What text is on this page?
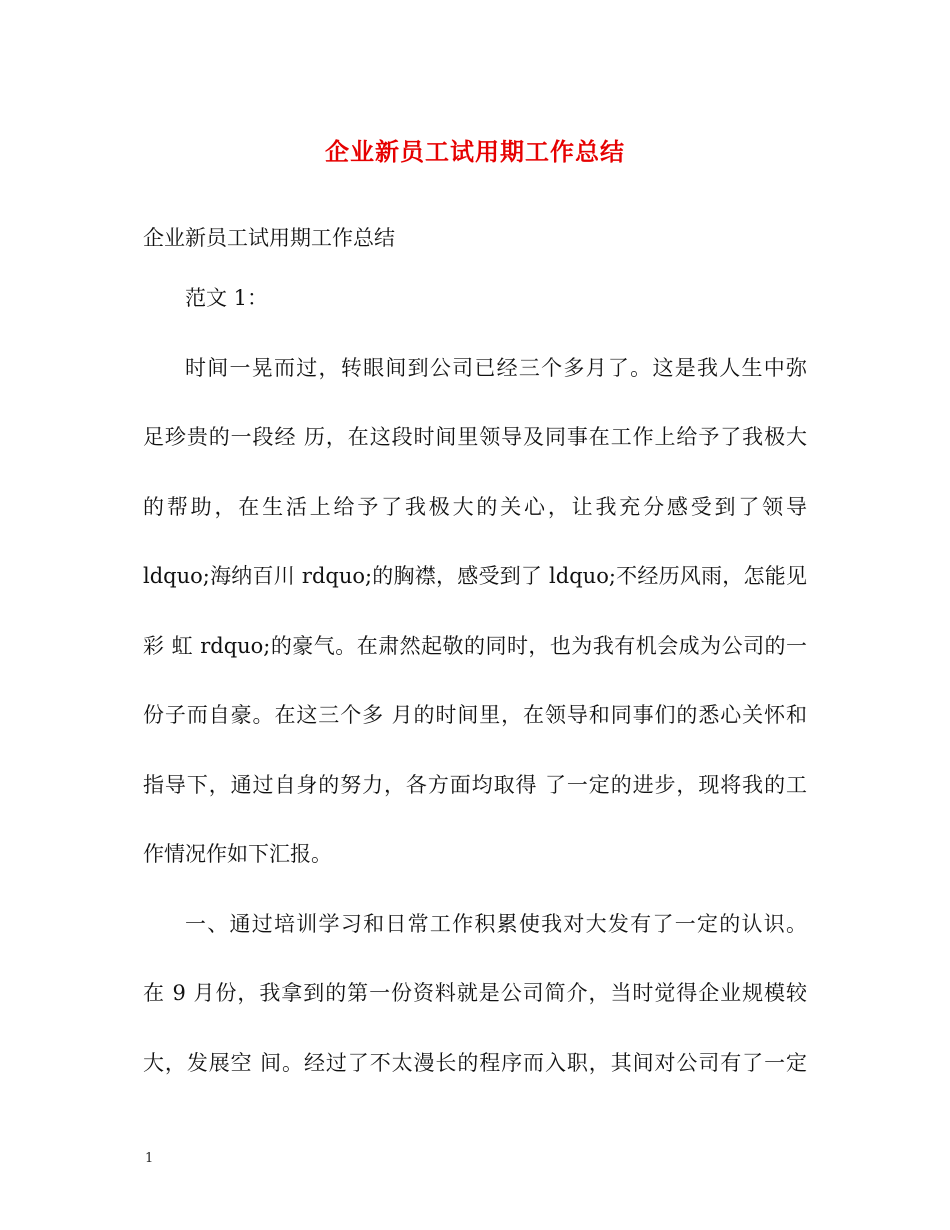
企业新员工试用期工作总结
企业新员工试用期工作总结
范文 1：
时间一晃而过，转眼间到公司已经三个多月了。这是我人生中弥
足珍贵的一段经 历，在这段时间里领导及同事在工作上给予了我极大
的帮助，在生活上给予了我极大的关心，让我充分感受到了领导
ldquo;海纳百川 rdquo;的胸襟，感受到了 ldquo;不经历风雨，怎能见
彩 虹 rdquo;的豪气。在肃然起敬的同时，也为我有机会成为公司的一
份子而自豪。在这三个多 月的时间里，在领导和同事们的悉心关怀和
指导下，通过自身的努力，各方面均取得 了一定的进步，现将我的工
作情况作如下汇报。
一、通过培训学习和日常工作积累使我对大发有了一定的认识。
在 9 月份，我拿到的第一份资料就是公司简介，当时觉得企业规模较
大，发展空 间。经过了不太漫长的程序而入职，其间对公司有了一定
1
